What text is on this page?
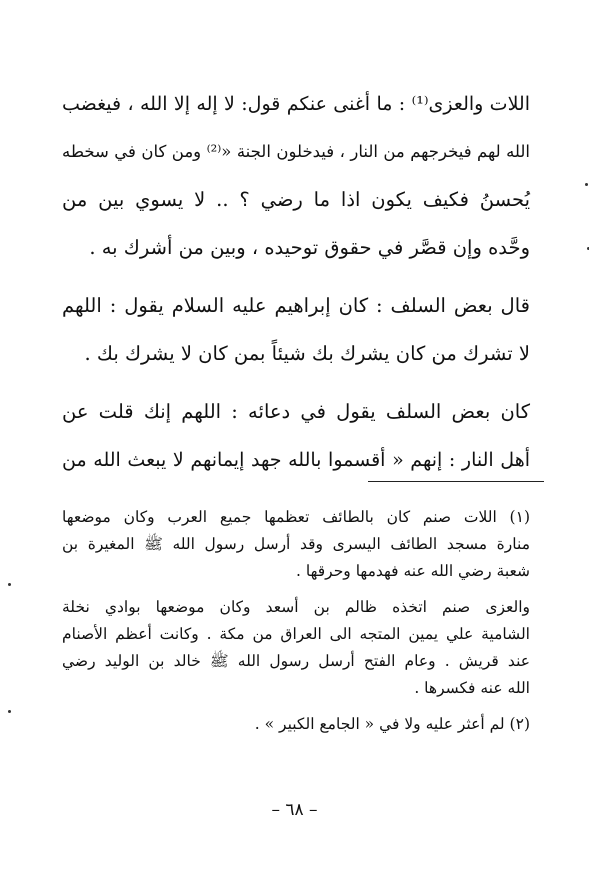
اللات والعزى⁧⁽¹⁾⁩ : ما أغنى عنكم قول: لا إله إلا الله ، فيغضب
الله لهم فيخرجهم من النار ، فيدخلون الجنة «⁽²⁾ ومن كان في سخطه
يُحسنُ فكيف يكون اذا ما رضي ؟ .. لا يسوي بين من
وحَّده وإن قصَّر في حقوق توحيده ، وبين من أشرك به .
قال بعض السلف : كان إبراهيم عليه السلام يقول : اللهم
لا تشرك من كان يشرك بك شيئاً بمن كان لا يشرك بك .
كان بعض السلف يقول في دعائه : اللهم إنك قلت عن
أهل النار : إنهم « أقسموا بالله جهد إيمانهم لا يبعث الله من
(١) اللات صنم كان بالطائف تعظمها جميع العرب وكان موضعها
منارة مسجد الطائف اليسرى وقد أرسل رسول الله ﷺ المغيرة بن
شعبة رضي الله عنه فهدمها وحرقها .
والعزى صنم اتخذه ظالم بن أسعد وكان موضعها بوادي نخلة
الشامية علي يمين المتجه الى العراق من مكة . وكانت أعظم الأصنام
عند قريش . وعام الفتح أرسل رسول الله ﷺ خالد بن الوليد رضي
الله عنه فكسرها .
(٢) لم أعثر عليه ولا في « الجامع الكبير » .
– ٦٨ –
